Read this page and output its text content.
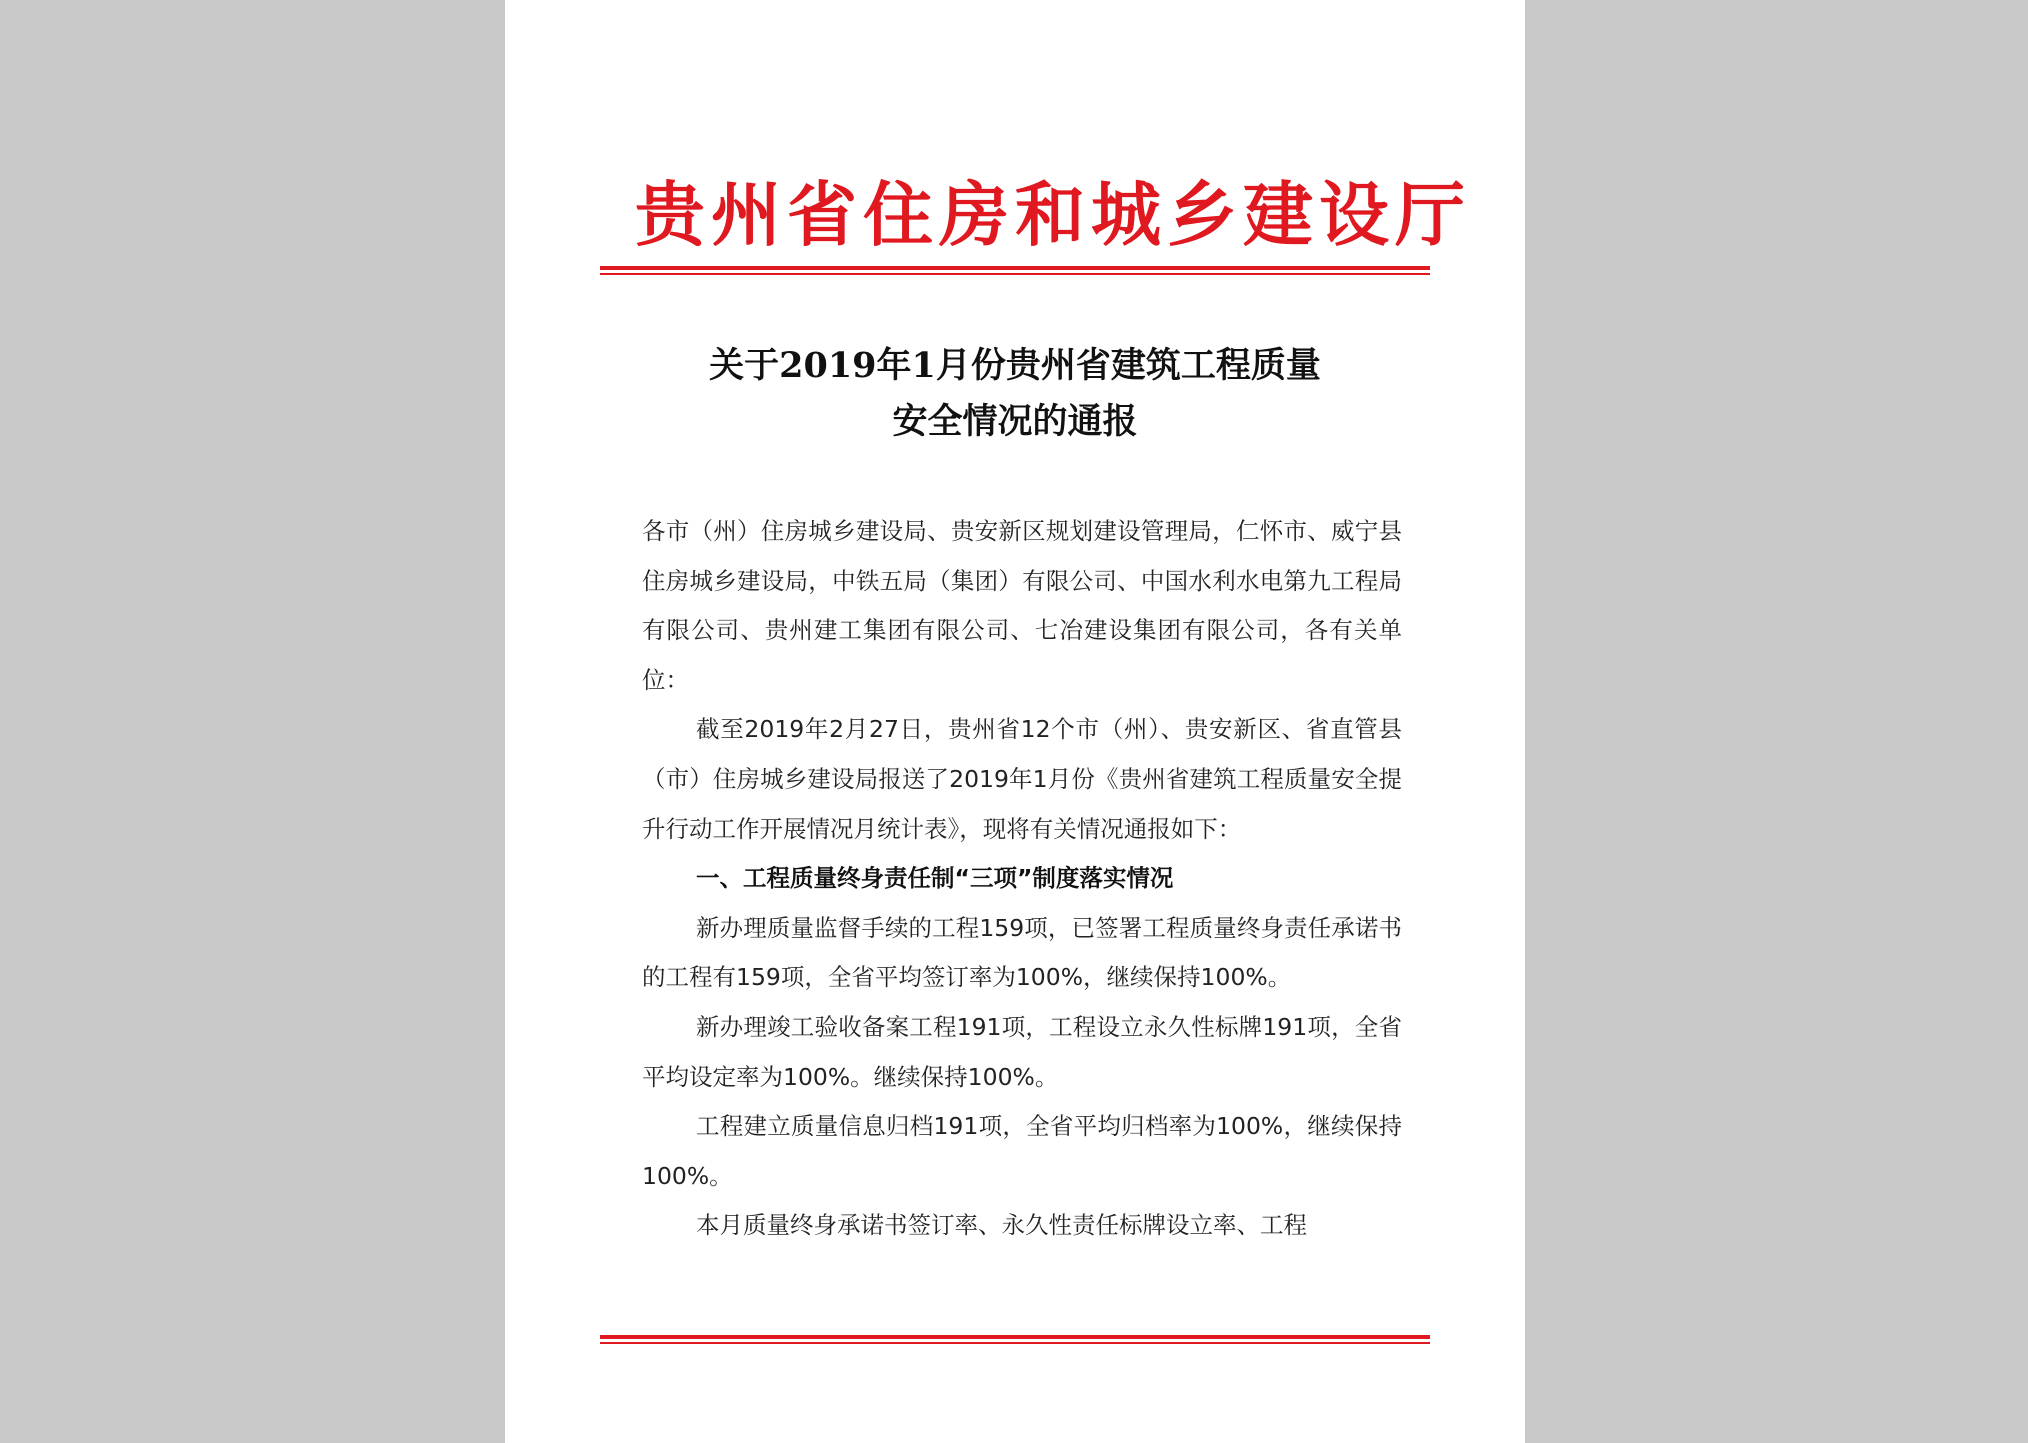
贵州省住房和城乡建设厅
关于2019年1月份贵州省建筑工程质量
安全情况的通报

各市（州）住房城乡建设局、贵安新区规划建设管理局，仁怀市、威宁县住房城乡建设局，中铁五局（集团）有限公司、中国水利水电第九工程局有限公司、贵州建工集团有限公司、七冶建设集团有限公司，各有关单位：

截至2019年2月27日，贵州省12个市（州）、贵安新区、省直管县（市）住房城乡建设局报送了2019年1月份《贵州省建筑工程质量安全提升行动工作开展情况月统计表》，现将有关情况通报如下：

一、工程质量终身责任制“三项”制度落实情况

新办理质量监督手续的工程159项，已签署工程质量终身责任承诺书的工程有159项，全省平均签订率为100%，继续保持100%。

新办理竣工验收备案工程191项，工程设立永久性标牌191项，全省平均设定率为100%。继续保持100%。

工程建立质量信息归档191项，全省平均归档率为100%，继续保持100%。

本月质量终身承诺书签订率、永久性责任标牌设立率、工程
